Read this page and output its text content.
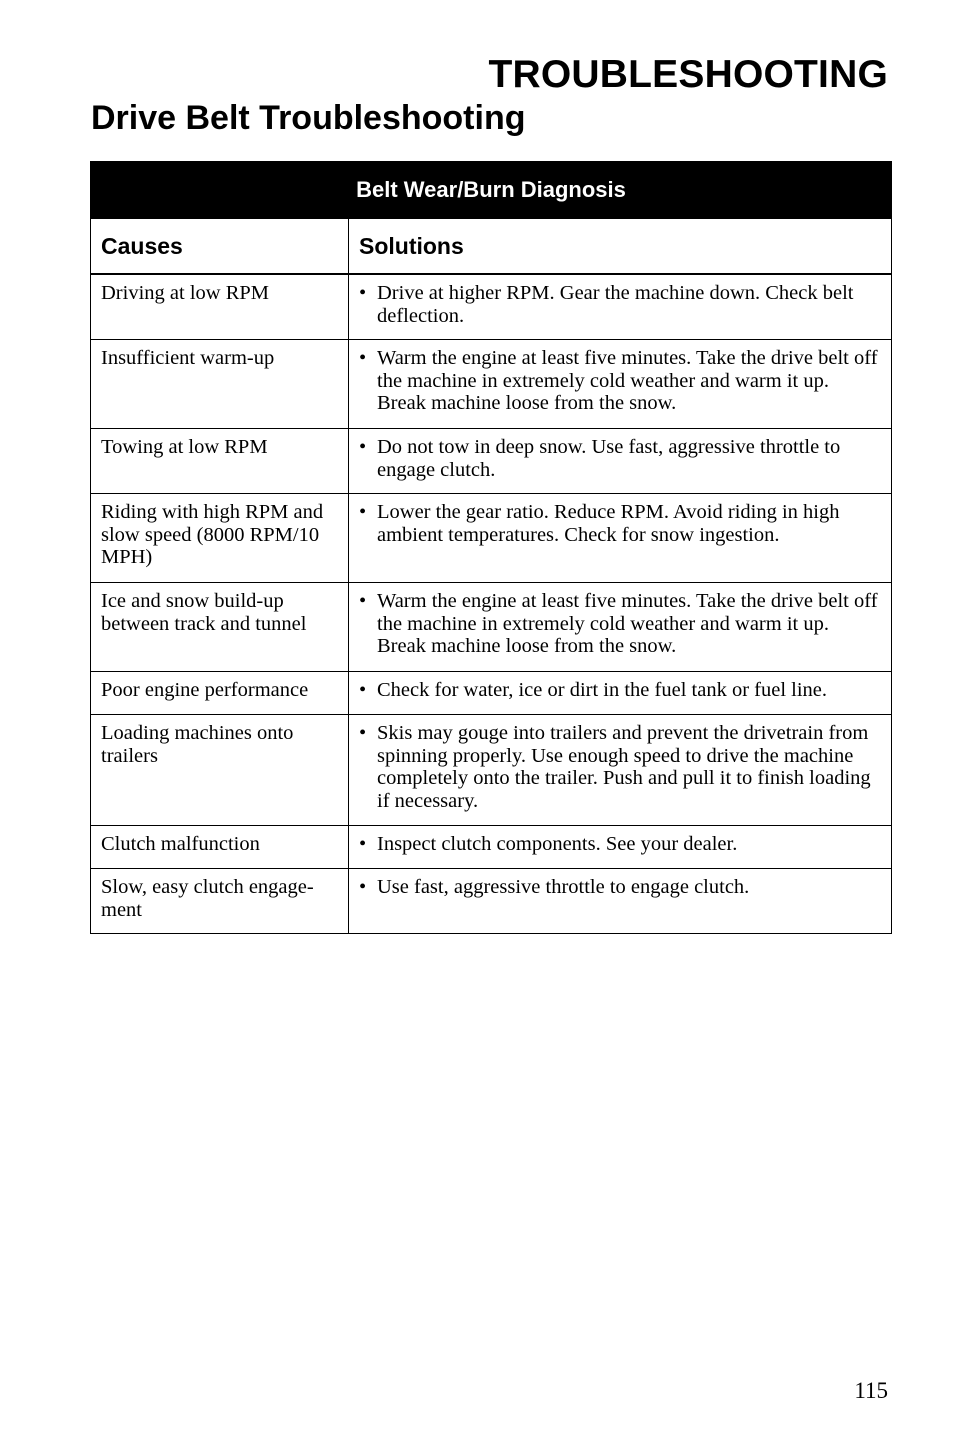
TROUBLESHOOTING
Drive Belt Troubleshooting
Belt Wear/Burn Diagnosis	
Causes	Solutions
Driving at low RPM	• Drive at higher RPM. Gear the machine down. Check belt deflection.

Insufficient warm-up	• Warm the engine at least five minutes. Take the drive belt off the machine in extremely cold weather and warm it up. Break machine loose from the snow.

Towing at low RPM	• Do not tow in deep snow. Use fast, aggressive throttle to engage clutch.

Riding with high RPM and slow speed (8000 RPM/10 MPH)	• Lower the gear ratio. Reduce RPM. Avoid riding in high ambient temperatures. Check for snow ingestion.

Ice and snow build-up between track and tunnel	• Warm the engine at least five minutes. Take the drive belt off the machine in extremely cold weather and warm it up. Break machine loose from the snow.

Poor engine performance	• Check for water, ice or dirt in the fuel tank or fuel line.

Loading machines onto trailers	• Skis may gouge into trailers and prevent the drivetrain from spinning properly. Use enough speed to drive the machine completely onto the trailer. Push and pull it to finish loading if necessary.

Clutch malfunction	• Inspect clutch components. See your dealer.

Slow, easy clutch engage-ment	• Use fast, aggressive throttle to engage clutch.
115
